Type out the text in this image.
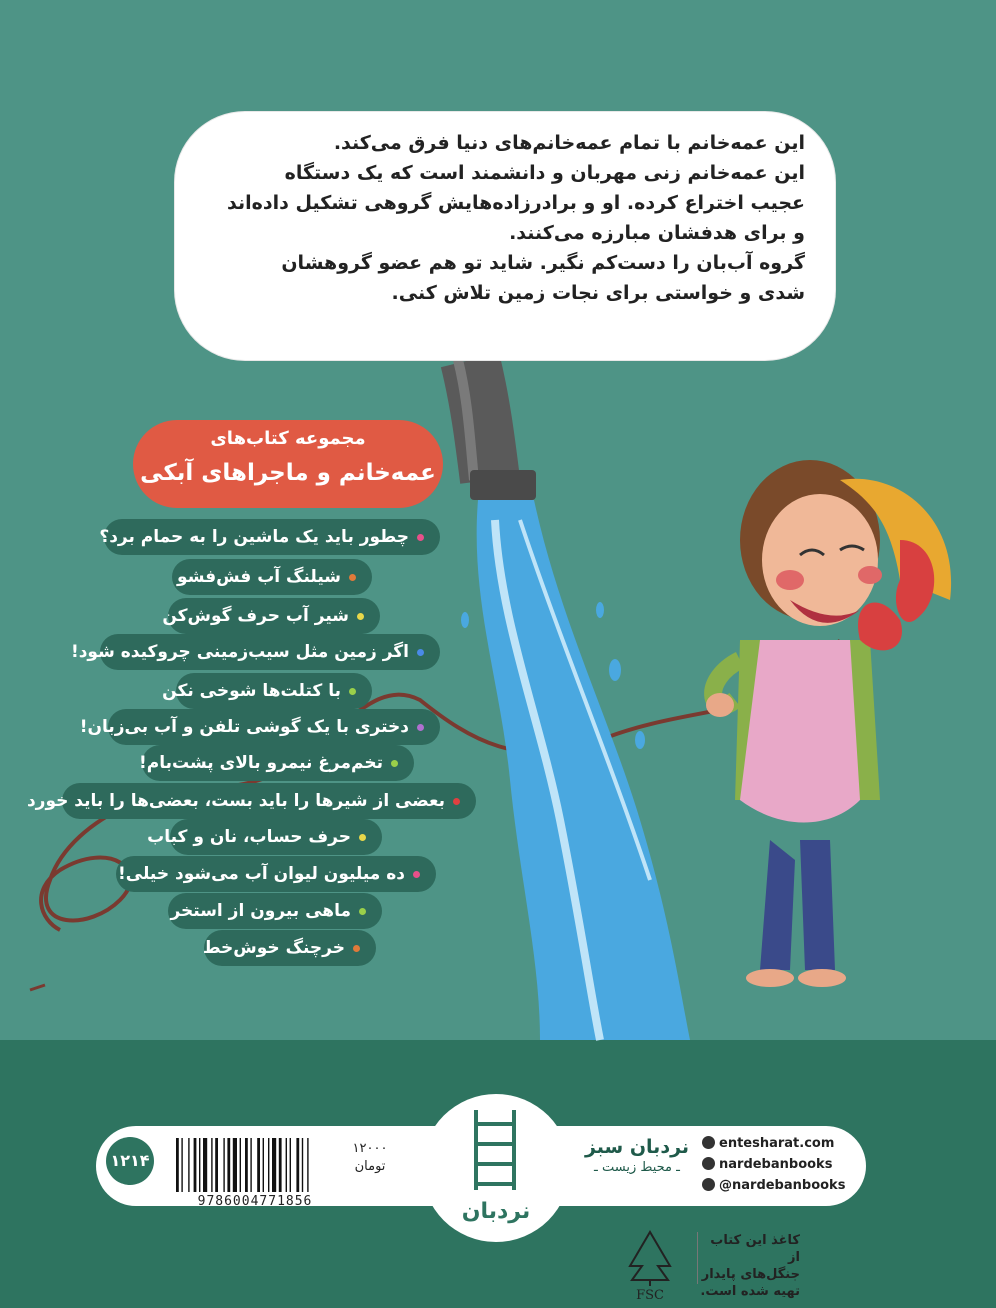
این عمه‌خانم با تمام عمه‌خانم‌های دنیا فرق می‌کند.
این عمه‌خانم زنی مهربان و دانشمند است که یک دستگاه
عجیب اختراع کرده. او و برادرزاده‌هایش گروهی تشکیل داده‌اند
و برای هدفشان مبارزه می‌کنند.
گروه آب‌بان را دست‌کم نگیر. شاید تو هم عضو گروهشان
شدی و خواستی برای نجات زمین تلاش کنی.
مجموعه کتاب‌های
عمه‌خانم و ماجراهای آبکی
چطور باید یک ماشین را به حمام برد؟
شیلنگ آب فش‌فشو
شیر آب حرف گوش‌کن
اگر زمین مثل سیب‌زمینی چروکیده شود!
با کتلت‌ها شوخی نکن
دختری با یک گوشی تلفن و آب بی‌زبان!
تخم‌مرغ نیمرو بالای پشت‌بام!
بعضی از شیرها را باید بست، بعضی‌ها را باید خورد
حرف حساب، نان و کباب
ده میلیون لیوان آب می‌شود خیلی!
ماهی بیرون از استخر
خرچنگ خوش‌خط
نردبان
۱۲۱۴
9786004771856
۱۲۰۰۰
تومان
نردبان سبز
ـ محیط زیست ـ
entesharat.com
nardebanbooks
@nardebanbooks
FSC
کاغذ این کتاب از
جنگل‌های پایدار
تهیه شده است.
